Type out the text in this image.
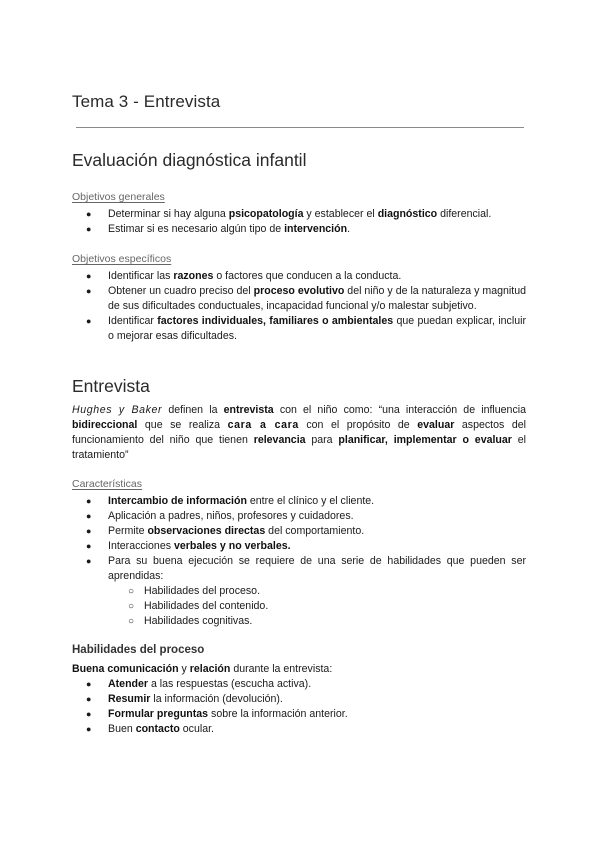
Tema 3 - Entrevista
Evaluación diagnóstica infantil
Objetivos generales
● Determinar si hay alguna psicopatología y establecer el diagnóstico diferencial.
● Estimar si es necesario algún tipo de intervención.
Objetivos específicos
● Identificar las razones o factores que conducen a la conducta.
● Obtener un cuadro preciso del proceso evolutivo del niño y de la naturaleza y magnitud de sus dificultades conductuales, incapacidad funcional y/o malestar subjetivo.
● Identificar factores individuales, familiares o ambientales que puedan explicar, incluir o mejorar esas dificultades.
Entrevista

Hughes y Baker definen la entrevista con el niño como: “una interacción de influencia bidireccional que se realiza cara a cara con el propósito de evaluar aspectos del funcionamiento del niño que tienen relevancia para planificar, implementar o evaluar el tratamiento”

Características
● Intercambio de información entre el clínico y el cliente.
● Aplicación a padres, niños, profesores y cuidadores.
● Permite observaciones directas del comportamiento.
● Interacciones verbales y no verbales.
● Para su buena ejecución se requiere de una serie de habilidades que pueden ser aprendidas:
○ Habilidades del proceso.
○ Habilidades del contenido.
○ Habilidades cognitivas.
Habilidades del proceso

Buena comunicación y relación durante la entrevista:

● Atender a las respuestas (escucha activa).
● Resumir la información (devolución).
● Formular preguntas sobre la información anterior.
● Buen contacto ocular.
